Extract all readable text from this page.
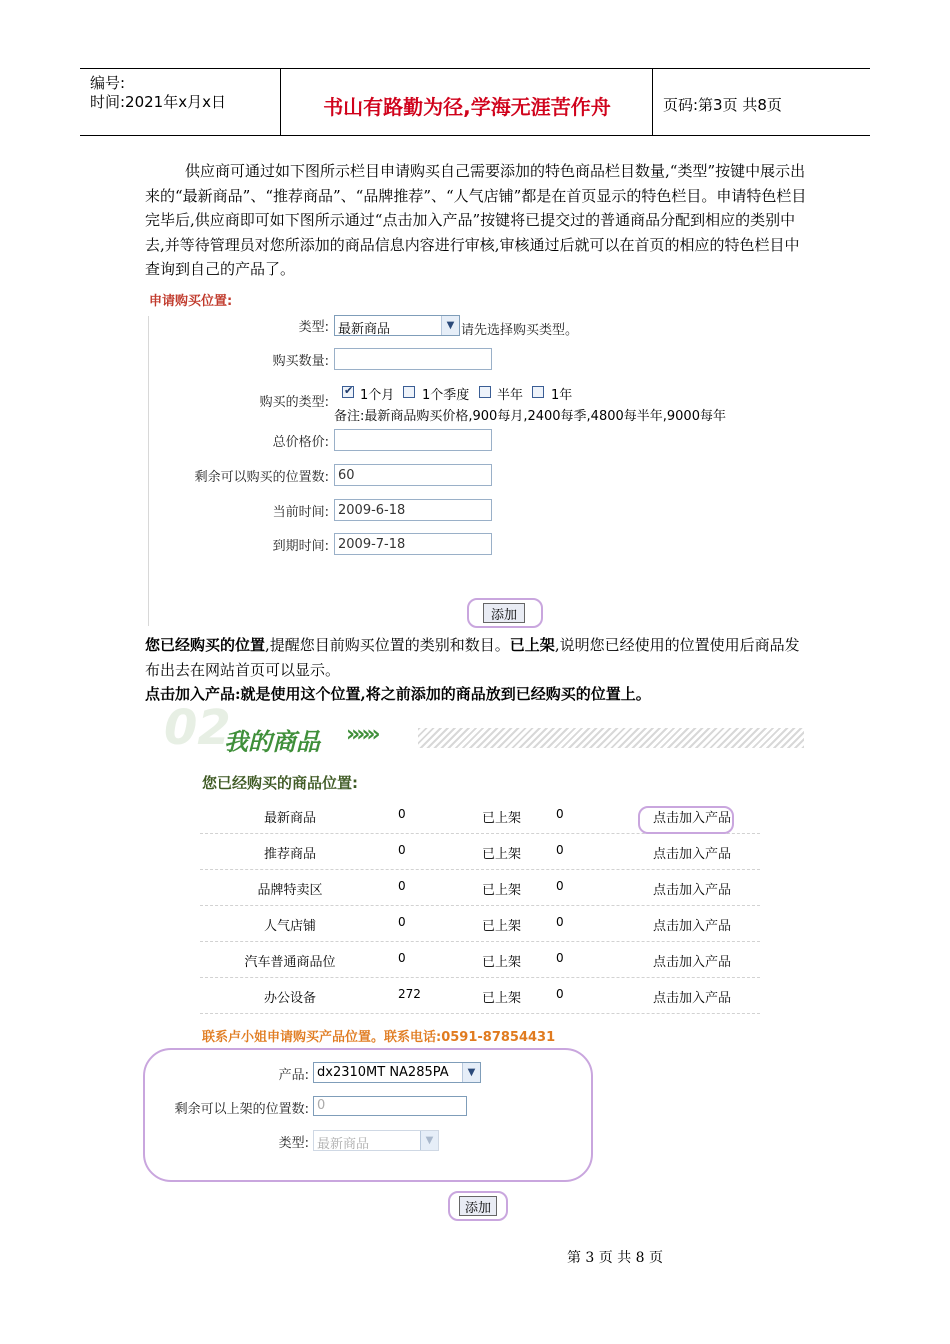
编号:
时间:2021年x月x日	书山有路勤为径,学海无涯苦作舟	页码:第3页 共8页
供应商可通过如下图所示栏目申请购买自己需要添加的特色商品栏目数量,“类型”按键中展示出来的“最新商品”、“推荐商品”、“品牌推荐”、“人气店铺”都是在首页显示的特色栏目。申请特色栏目完毕后,供应商即可如下图所示通过“点击加入产品”按键将已提交过的普通商品分配到相应的类别中去,并等待管理员对您所添加的商品信息内容进行审核,审核通过后就可以在首页的相应的特色栏目中查询到自己的产品了。
申请购买位置:
类型: 最新商品	▼ 请先选择购买类型。
购买数量:
购买的类型:
✔ 1个月 1个季度 半年 1年
备注:最新商品购买价格,900每月,2400每季,4800每半年,9000每年
总价格价:
剩余可以购买的位置数: 60
当前时间: 2009-6-18
到期时间: 2009-7-18
添加
您已经购买的位置,提醒您目前购买位置的类别和数目。已上架,说明您已经使用的位置使用后商品发布出去在网站首页可以显示。
点击加入产品:就是使用这个位置,将之前添加的商品放到已经购买的位置上。
02
我的商品 »»»
您已经购买的商品位置:
最新商品	0	已上架	0	点击加入产品
推荐商品	0	已上架	0	点击加入产品
品牌特卖区	0	已上架	0	点击加入产品
人气店铺	0	已上架	0	点击加入产品
汽车普通商品位	0	已上架	0	点击加入产品
办公设备	272	已上架	0	点击加入产品
联系卢小姐申请购买产品位置。联系电话:0591-87854431
产品: dx2310MT NA285PA	▼
剩余可以上架的位置数: 0
类型: 最新商品	▼
添加
第 3 页 共 8 页
